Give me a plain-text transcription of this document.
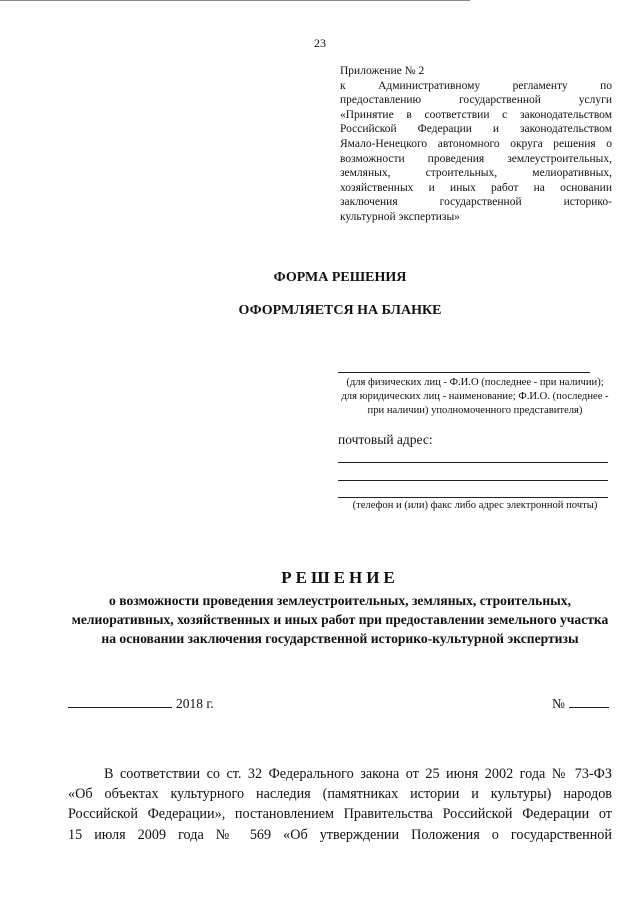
23
Приложение № 2
к Административному регламенту по
предоставлению государственной услуги
«Принятие в соответствии с законодательством
Российской Федерации и законодательством
Ямало-Ненецкого автономного округа решения о
возможности проведения землеустроительных,
земляных, строительных, мелиоративных,
хозяйственных и иных работ на основании
заключения государственной историко-
культурной экспертизы»
ФОРМА РЕШЕНИЯ
ОФОРМЛЯЕТСЯ НА БЛАНКЕ
(для физических лиц - Ф.И.О (последнее - при наличии); для юридических лиц - наименование; Ф.И.О. (последнее - при наличии) уполномоченного представителя)
почтовый адрес:
(телефон и (или) факс либо адрес электронной почты)
РЕШЕНИЕ
о возможности проведения землеустроительных, земляных, строительных, мелиоративных, хозяйственных и иных работ при предоставлении земельного участка на основании заключения государственной историко-культурной экспертизы
2018 г.	№
В соответствии со ст. 32 Федерального закона от 25 июня 2002 года № 73-ФЗ
«Об объектах культурного наследия (памятниках истории и культуры) народов
Российской Федерации», постановлением Правительства Российской Федерации от
15 июля 2009 года № 569 «Об утверждении Положения о государственной
